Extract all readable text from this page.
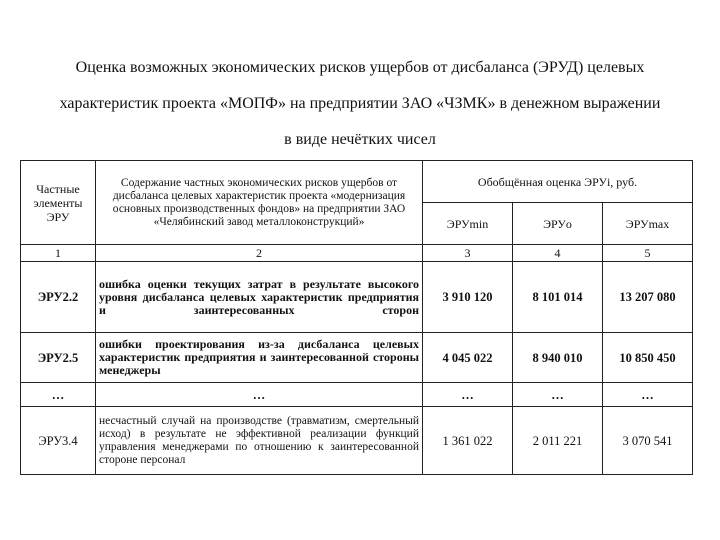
Оценка возможных экономических рисков ущербов от дисбаланса (ЭРУД) целевых
характеристик проекта «МОПФ» на предприятии ЗАО «ЧЗМК» в денежном выражении
в виде нечётких чисел
Частные элементы ЭРУ	Содержание частных экономических рисков ущербов от дисбаланса целевых характеристик проекта «модернизация основных производственных фондов» на предприятии ЗАО «Челябинский завод металлоконструкций»	Обобщённая оценка ЭРУi, руб.		
		ЭРУmin	ЭРУo	ЭРУmax
1	2	3	4	5
ЭРУ2.2	ошибка оценки текущих затрат в результате высокого уровня дисбаланса целевых характеристик предприятия и заинтересованных сторон	3 910 120	8 101 014	13 207 080
ЭРУ2.5	ошибки проектирования из-за дисбаланса целевых характеристик предприятия и заинтересованной стороны менеджеры	4 045 022	8 940 010	10 850 450
…	…	…	…	…
ЭРУ3.4	несчастный случай на производстве (травматизм, смертельный исход) в результате не эффективной реализации функций управления менеджерами по отношению к заинтересованной стороне персонал	1 361 022	2 011 221	3 070 541
